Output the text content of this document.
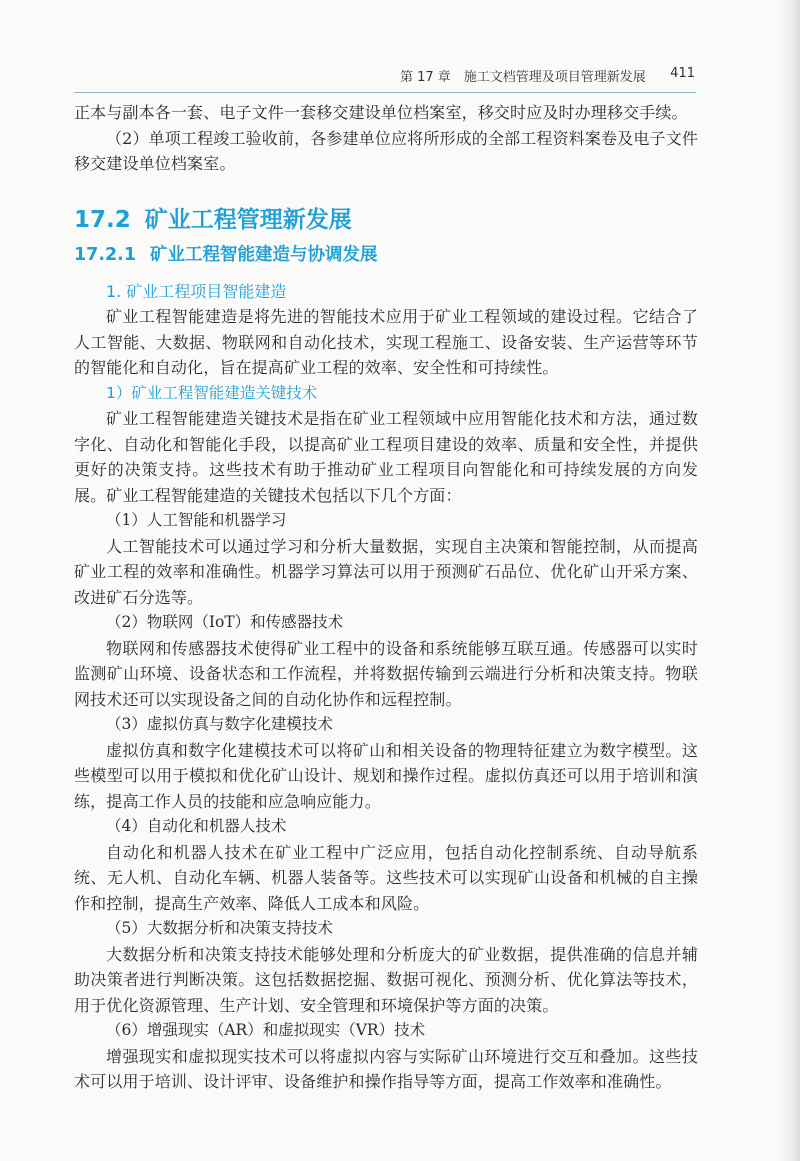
第 17 章　施工文档管理及项目管理新发展 411

正本与副本各一套、电子文件一套移交建设单位档案室，移交时应及时办理移交手续。

（2）单项工程竣工验收前，各参建单位应将所形成的全部工程资料案卷及电子文件移交建设单位档案室。

17.2 矿业工程管理新发展
17.2.1 矿业工程智能建造与协调发展
1. 矿业工程项目智能建造

矿业工程智能建造是将先进的智能技术应用于矿业工程领域的建设过程。它结合了人工智能、大数据、物联网和自动化技术，实现工程施工、设备安装、生产运营等环节的智能化和自动化，旨在提高矿业工程的效率、安全性和可持续性。

1）矿业工程智能建造关键技术

矿业工程智能建造关键技术是指在矿业工程领域中应用智能化技术和方法，通过数字化、自动化和智能化手段，以提高矿业工程项目建设的效率、质量和安全性，并提供更好的决策支持。这些技术有助于推动矿业工程项目向智能化和可持续发展的方向发展。矿业工程智能建造的关键技术包括以下几个方面：

（1）人工智能和机器学习

人工智能技术可以通过学习和分析大量数据，实现自主决策和智能控制，从而提高矿业工程的效率和准确性。机器学习算法可以用于预测矿石品位、优化矿山开采方案、改进矿石分选等。

（2）物联网（IoT）和传感器技术

物联网和传感器技术使得矿业工程中的设备和系统能够互联互通。传感器可以实时监测矿山环境、设备状态和工作流程，并将数据传输到云端进行分析和决策支持。物联网技术还可以实现设备之间的自动化协作和远程控制。

（3）虚拟仿真与数字化建模技术

虚拟仿真和数字化建模技术可以将矿山和相关设备的物理特征建立为数字模型。这些模型可以用于模拟和优化矿山设计、规划和操作过程。虚拟仿真还可以用于培训和演练，提高工作人员的技能和应急响应能力。

（4）自动化和机器人技术

自动化和机器人技术在矿业工程中广泛应用，包括自动化控制系统、自动导航系统、无人机、自动化车辆、机器人装备等。这些技术可以实现矿山设备和机械的自主操作和控制，提高生产效率、降低人工成本和风险。

（5）大数据分析和决策支持技术

大数据分析和决策支持技术能够处理和分析庞大的矿业数据，提供准确的信息并辅助决策者进行判断决策。这包括数据挖掘、数据可视化、预测分析、优化算法等技术，用于优化资源管理、生产计划、安全管理和环境保护等方面的决策。

（6）增强现实（AR）和虚拟现实（VR）技术

增强现实和虚拟现实技术可以将虚拟内容与实际矿山环境进行交互和叠加。这些技术可以用于培训、设计评审、设备维护和操作指导等方面，提高工作效率和准确性。
